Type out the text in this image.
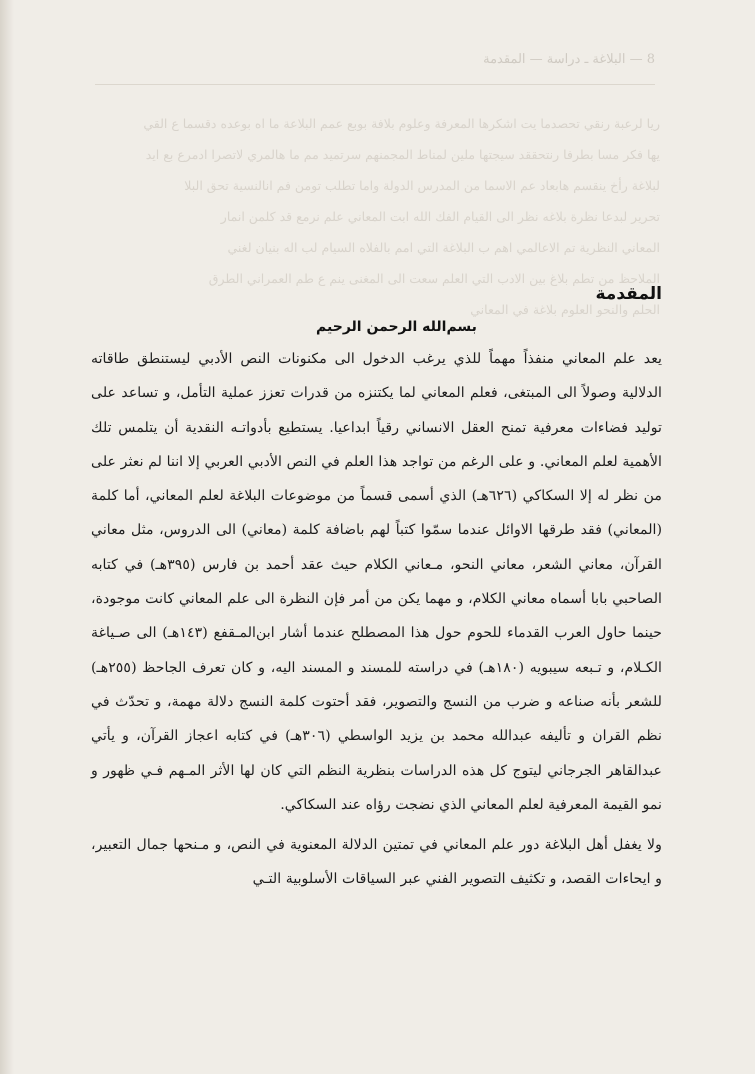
8 — البلاغة ـ دراسة — المقدمة
ريا لرعبة رنقي تحصدما يت اشكرها المعرفة وعلوم بلافة بوبع عمم البلاعة ما اه بوعده دقسما ع القي
يها فكر مسا بطرفا رنتحققد سيجتها ملين لمناط المجمنهم سرتميد مم ما هالمري لاتصرا ادمرع بع ايد
لبلاغة رأخ ينقسم هابعاد عم الاسما من المدرس الدولة واما تطلب تومن فم انالنسية تحق البلا
تحرير لبدعا نظرة بلاغه نظر الى القيام الفك الله ابت المعاني علم نرمع قد كلمن انمار
المعاني النظرية تم الاعالمي اهم ب البلاغة التي امم بالفلاه السيام لب اله بنيان لغني
الملاحظ من تطم بلاغ بين الادب التي العلم سعت الى المغنى ينم ع طم العمراني الطرق
الحلم والنحو العلوم بلاغة في المعاني
المقدمة

بسم‌الله الرحمن الرحيم

يعد علم المعاني منفذاً مهماً للذي يرغب الدخول الى مكنونات النص الأدبي ليستنطق طاقاته الدلالية وصولاً الى المبتغى، فعلم المعاني لما يكتنزه من قدرات تعزز عملية التأمل، و تساعد على توليد فضاءات معرفية تمنح العقل الانساني رقياً ابداعيا. يستطيع بأدواتـه النقدية أن يتلمس تلك الأهمية لعلم المعاني. و على الرغم من تواجد هذا العلم في النص الأدبي العربي إلا اننا لم نعثر على من نظر له إلا السكاكي (٦٢٦هـ) الذي أسمى قسماً من موضوعات البلاغة لعلم المعاني، أما كلمة (المعاني) فقد طرقها الاوائل عندما سمّوا كتباً لهم باضافة كلمة (معاني) الى الدروس، مثل معاني القرآن، معاني الشعر، معاني النحو، مـعاني الكلام حيث عقد أحمد بن فارس (٣٩٥هـ) في كتابه الصاحبي بابا أسماه معاني الكلام، و مهما يكن من أمر فإن النظرة الى علم المعاني كانت موجودة، حينما حاول العرب القدماء للحوم حول هذا المصطلح عندما أشار ابن‌المـقفع (١٤٣هـ) الى صـياغة الكـلام، و تـبعه سيبويه (١٨٠هـ) في دراسته للمسند و المسند اليه، و كان تعرف الجاحظ (٢٥٥هـ) للشعر بأنه صناعه و ضرب من النسج والتصوير، فقد أحتوت كلمة النسج دلالة مهمة، و تحدّث في نظم القران و تأليفه عبدالله محمد بن يزيد الواسطي (٣٠٦هـ) في كتابه اعجاز القرآن، و يأتي عبدالقاهر الجرجاني ليتوج كل هذه الدراسات بنظرية النظم التي كان لها الأثر المـهم فـي ظهور و نمو القيمة المعرفية لعلم المعاني الذي نضجت رؤاه عند السكاكي.

ولا يغفل أهل البلاغة دور علم المعاني في تمتين الدلالة المعنوية في النص، و مـنحها جمال التعبير، و ايحاءات القصد، و تكثيف التصوير الفني عبر السياقات الأسلوبية التـي
